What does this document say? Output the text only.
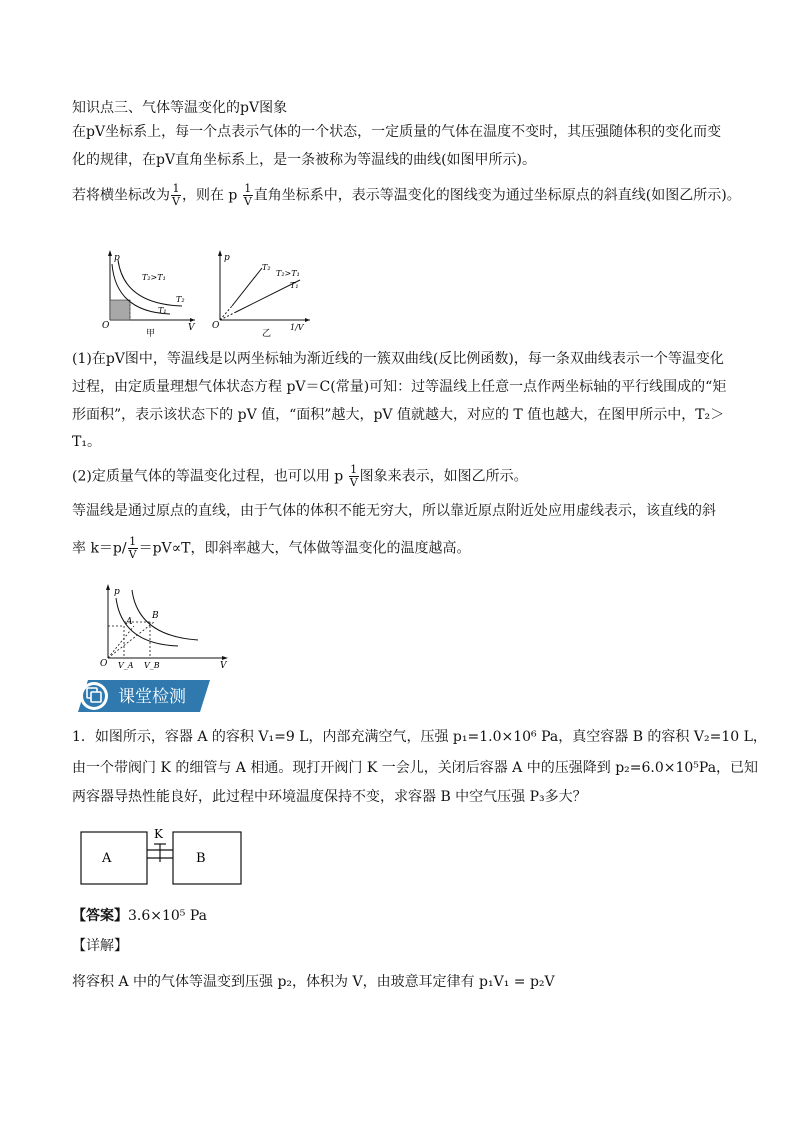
知识点三、气体等温变化的pV图象
在pV坐标系上，每一个点表示气体的一个状态，一定质量的气体在温度不变时，其压强随体积的变化而变
化的规律，在pV直角坐标系上，是一条被称为等温线的曲线(如图甲所示)。
若将横坐标改为 $\frac{1}{V}$ ，则在 p $\frac{1}{V}$ 直角坐标系中，表示等温变化的图线变为通过坐标原点的斜直线(如图乙所示)。
p
V
O
T₂>T₁
T₂
T₁
甲
p
1/V
O
T₂
T₂>T₁
T₁
乙
(1)在pV图中，等温线是以两坐标轴为渐近线的一簇双曲线(反比例函数)，每一条双曲线表示一个等温变化
过程，由定质量理想气体状态方程 pV＝C(常量)可知：过等温线上任意一点作两坐标轴的平行线围成的“矩
形面积”，表示该状态下的 pV 值，“面积”越大，pV 值就越大，对应的 T 值也越大，在图甲所示中，T₂＞
T₁。
(2)定质量气体的等温变化过程，也可以用 p $\frac{1}{V}$ 图象来表示，如图乙所示。
等温线是通过原点的直线，由于气体的体积不能无穷大，所以靠近原点附近处应用虚线表示，该直线的斜
率 $k=p/ \frac{1}{V} =pV\propto T$，即斜率越大，气体做等温变化的温度越高。
p
V
O
A
B
V_A V_B
课堂检测
1．如图所示，容器 A 的容积 V₁=9 L，内部充满空气，压强 p₁=1.0×10⁶ Pa，真空容器 B 的容积 V₂=10 L，
由一个带阀门 K 的细管与 A 相通。现打开阀门 K 一会儿，关闭后容器 A 中的压强降到 p₂=6.0×10⁵Pa，已知
两容器导热性能良好，此过程中环境温度保持不变，求容器 B 中空气压强 P₃多大？
A
K
B
【答案】3.6×10⁵ Pa
【详解】
将容积 A 中的气体等温变到压强 p₂，体积为 V，由玻意耳定律有 p₁V₁ = p₂V
